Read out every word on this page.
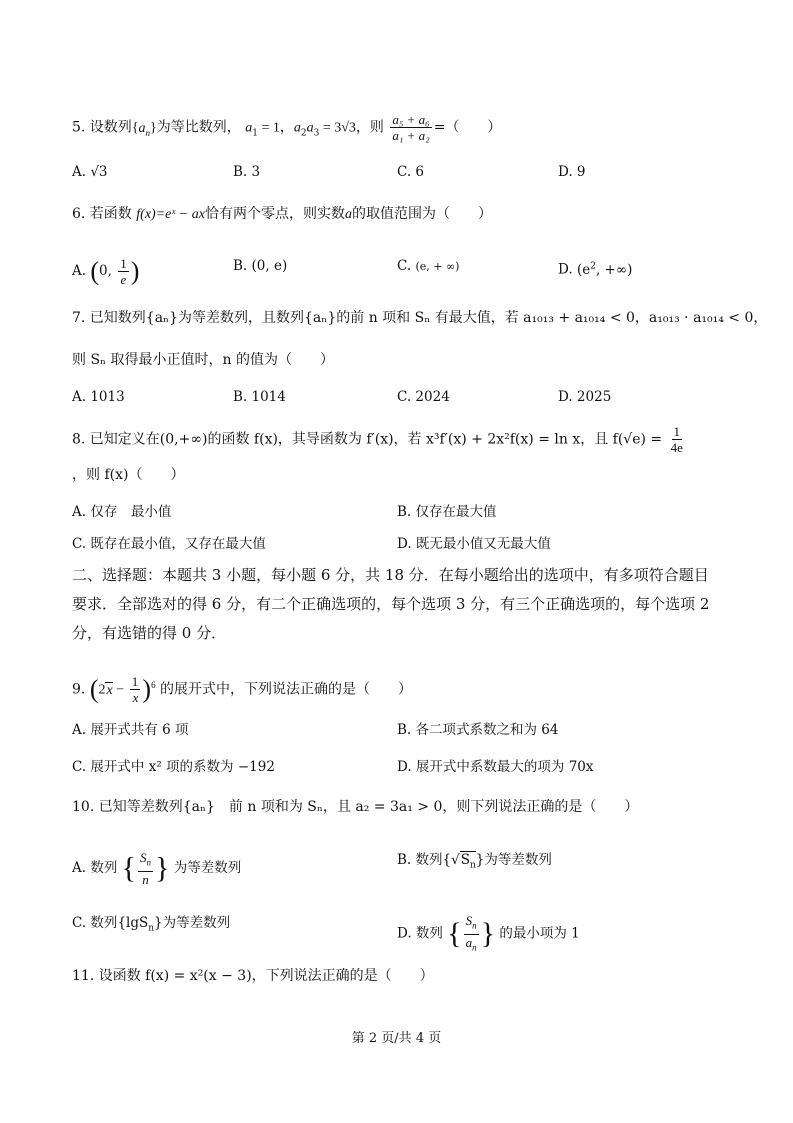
5. 设数列$\{a_n\}$为等比数列， $a_1 = 1$，$a_2a_3 = 3√3$，则 $\frac{\text{a₅ + a₆}}{\text{a₁ + a₂}}$ =（　　）
A. √3	B. 3	C. 6	D. 9
6. 若函数 f(x)=eˣ − ax恰有两个零点，则实数a的取值范围为（　　）
A. (0, $\frac{1}{e}$ )	B. (0, e)	C. (e, + ∞)	D. ($e^2$, +∞)
7. 已知数列{aₙ}为等差数列，且数列{aₙ}的前 n 项和 Sₙ 有最大值，若 a₁₀₁₃ + a₁₀₁₄ < 0，a₁₀₁₃ · a₁₀₁₄ < 0，
则 Sₙ 取得最小正值时，n 的值为（　　）
A. 1013	B. 1014	C. 2024	D. 2025
8. 已知定义在(0,+∞)的函数 f(x)，其导函数为 f′(x)，若 x³f′(x) + 2x²f(x) = ln x，且 $f(√e) = \frac{1}{4e}$
，则 f(x)（　　）
A. 仅存　最小值	B. 仅存在最大值
C. 既存在最小值，又存在最大值	D. 既无最小值又无最大值
二、选择题：本题共 3 小题，每小题 6 分，共 18 分．在每小题给出的选项中，有多项符合题目要求．全部选对的得 6 分，有二个正确选项的，每个选项 3 分，有三个正确选项的，每个选项 2 分，有选错的得 0 分．
9. $(2x - \frac{1}{x} )^6$ 的展开式中，下列说法正确的是（　　）
A. 展开式共有 6 项	B. 各二项式系数之和为 64
C. 展开式中 x² 项的系数为 −192	D. 展开式中系数最大的项为 70x
10. 已知等差数列{aₙ}　前 n 项和为 Sₙ，且 a₂ = 3a₁ > 0，则下列说法正确的是（　　）
A. 数列 { $\frac{S_n}{n}$ } 为等差数列	B. 数列$\{√S_n\}$为等差数列
C. 数列{lgS$_n$}为等差数列
D. 数列 { $\frac{S_n}{a_n}$ } 的最小项为 1
11. 设函数 f(x) = x²(x − 3)，下列说法正确的是（　　）
第 2 页/共 4 页
